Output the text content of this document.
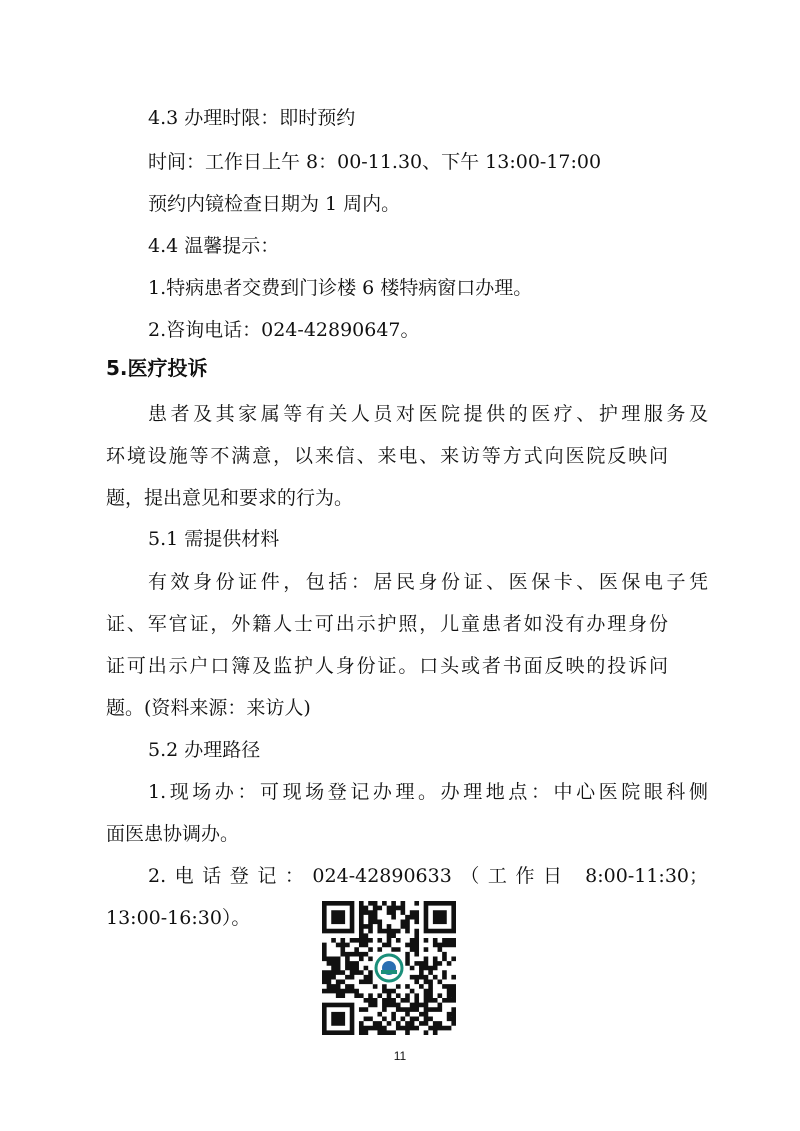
4.3 办理时限：即时预约
时间：工作日上午 8：00-11.30、下午 13:00-17:00
预约内镜检查日期为 1 周内。
4.4 温馨提示：
1.特病患者交费到门诊楼 6 楼特病窗口办理。
2.咨询电话：024-42890647。
5.医疗投诉
患者及其家属等有关人员对医院提供的医疗、护理服务及
环境设施等不满意，以来信、来电、来访等方式向医院反映问
题，提出意见和要求的行为。
5.1 需提供材料
有效身份证件，包括：居民身份证、医保卡、医保电子凭
证、军官证，外籍人士可出示护照，儿童患者如没有办理身份
证可出示户口簿及监护人身份证。口头或者书面反映的投诉问
题。(资料来源：来访人)
5.2 办理路径
1.现场办：可现场登记办理。办理地点：中心医院眼科侧
面医患协调办。
2.电话登记：024-42890633（工作日 8:00-11:30；
13:00-16:30）。
11
